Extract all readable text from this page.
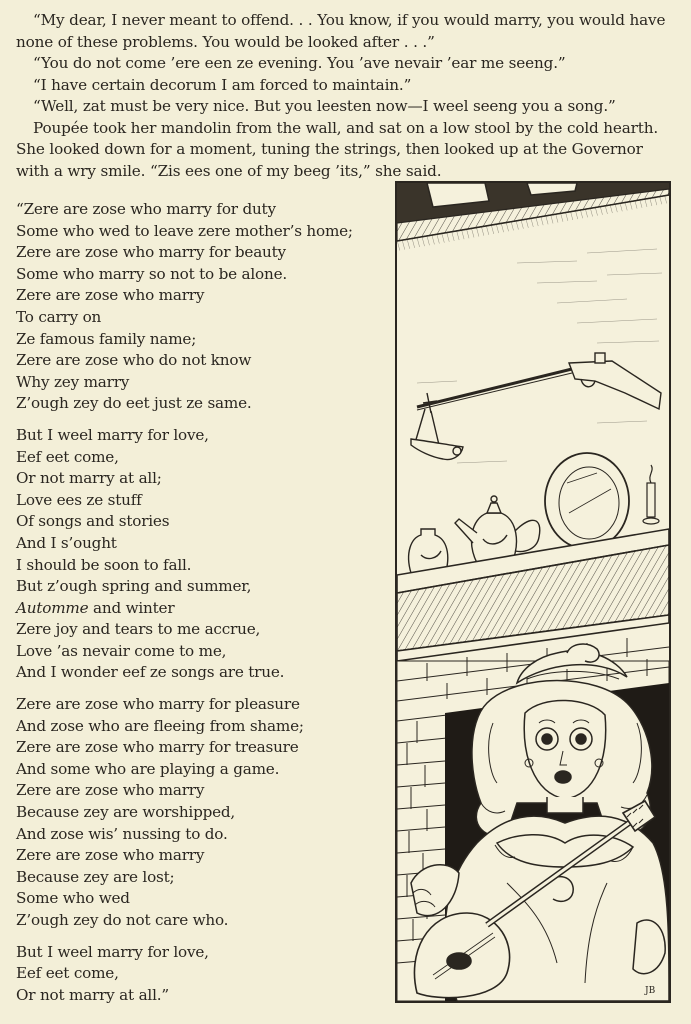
“My dear, I never meant to offend. . . You know, if you would marry, you would have none of these problems. You would be looked after . . .”

“You do not come ’ere een ze evening. You ’ave nevair ’ear me seeng.”

“I have certain decorum I am forced to maintain.”

“Well, zat must be very nice. But you leesten now—I weel seeng you a song.”

Poupée took her mandolin from the wall, and sat on a low stool by the cold hearth. She looked down for a moment, tuning the strings, then looked up at the Governor with a wry smile. “Zis ees one of my beeg ’its,” she said.

“Zere are zose who marry for duty
Some who wed to leave zere mother’s home;
Zere are zose who marry for beauty
Some who marry so not to be alone.
Zere are zose who marry
To carry on
Ze famous family name;
Zere are zose who do not know
Why zey marry
Z’ough zey do eet just ze same.
But I weel marry for love,
Eef eet come,
Or not marry at all;
Love ees ze stuff
Of songs and stories
And I s’ought
I should be soon to fall.
But z’ough spring and summer,
Automme and winter
Zere joy and tears to me accrue,
Love ’as nevair come to me,
And I wonder eef ze songs are true.
Zere are zose who marry for pleasure
And zose who are fleeing from shame;
Zere are zose who marry for treasure
And some who are playing a game.
Zere are zose who marry
Because zey are worshipped,
And zose wis’ nussing to do.
Zere are zose who marry
Because zey are lost;
Some who wed
Z’ough zey do not care who.
But I weel marry for love,
Eef eet come,
Or not marry at all.”	JB
